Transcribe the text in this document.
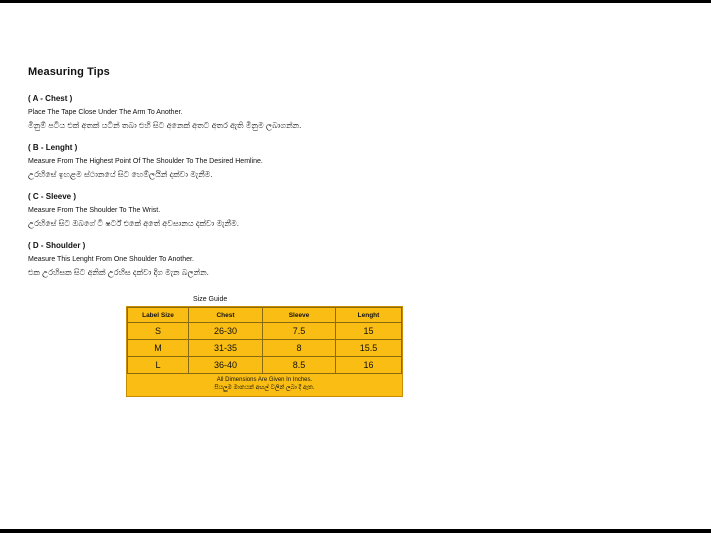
Measuring Tips
( A - Chest )
Place The Tape Close Under The Arm To Another.
මිනුම් පටිය එක් අතක් යටින් තබා එහි සිට අනෙක් අතට අතර ඇති මිනුම ලබාගන්න.
( B - Lenght )
Measure From The Highest Point Of The Shoulder To The Desired Hemline.
උරහිසේ ඉහළම ස්ථානයේ සිට හෙම්ලයින් දක්වා මැනීම.
( C - Sleeve )
Measure From The Shoulder To The Wrist.
උරහිසේ සිට ඔබගේ ටී ෂර්ට් එකේ අතේ අවසානය දක්වා මැනීම.
( D - Shoulder )
Measure This Lenght From One Shoulder To Another.
එක උරහිසක සිට අනික් උරහිස දක්වා දිග මැන බලන්න.
Size Guide
Label Size	Chest	Sleeve	Lenght
S	26-30	7.5	15
M	31-35	8	15.5
L	36-40	8.5	16
All Dimensions Are Given In Inches.
සියලුම මානයන් අඟල් වලින් ලබා දී ඇත.
